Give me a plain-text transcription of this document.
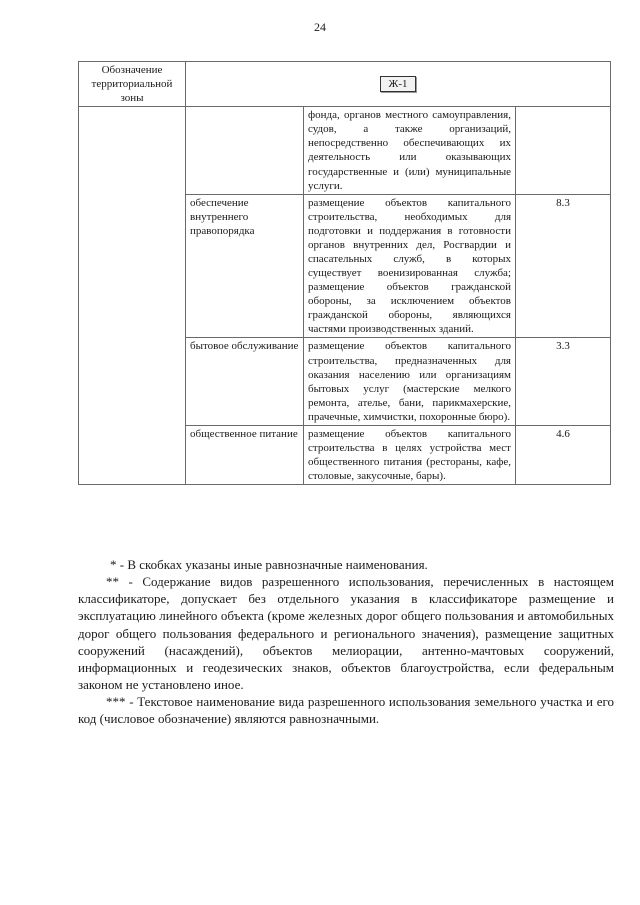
24
Обозначение территориальной зоны	Ж-1		
		фонда, органов местного самоуправления, судов, а также организаций, непосредственно обеспечивающих их деятельность или оказывающих государственные и (или) муниципальные услуги.	
	обеспечение внутреннего правопорядка	размещение объектов капитального строительства, необходимых для подготовки и поддержания в готовности органов внутренних дел, Росгвардии и спасательных служб, в которых существует военизированная служба; размещение объектов гражданской обороны, за исключением объектов гражданской обороны, являющихся частями производственных зданий.	8.3
	бытовое обслуживание	размещение объектов капитального строительства, предназначенных для оказания населению или организациям бытовых услуг (мастерские мелкого ремонта, ателье, бани, парикмахерские, прачечные, химчистки, похоронные бюро).	3.3
	общественное питание	размещение объектов капитального строительства в целях устройства мест общественного питания (рестораны, кафе, столовые, закусочные, бары).	4.6

* - В скобках указаны иные равнозначные наименования.

** - Содержание видов разрешенного использования, перечисленных в настоящем классификаторе, допускает без отдельного указания в классификаторе размещение и эксплуатацию линейного объекта (кроме железных дорог общего пользования и автомобильных дорог общего пользования федерального и регионального значения), размещение защитных сооружений (насаждений), объектов мелиорации, антенно-мачтовых сооружений, информационных и геодезических знаков, объектов благоустройства, если федеральным законом не установлено иное.

*** - Текстовое наименование вида разрешенного использования земельного участка и его код (числовое обозначение) являются равнозначными.
